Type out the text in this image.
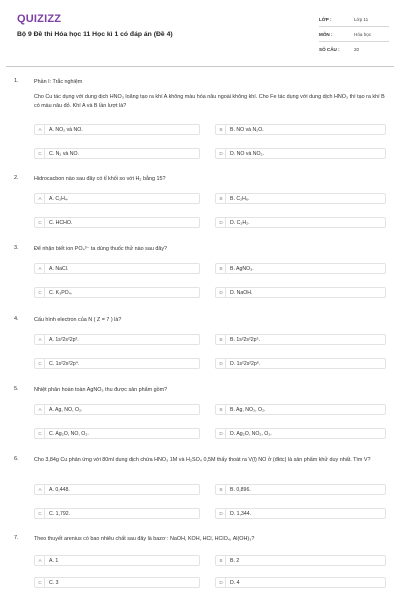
QUIZIZZ
Bộ 9 Đề thi Hóa học 11 Học kì 1 có đáp án (Đề 4)
LỚP :	Lớp 11
MÔN :	Hóa học
SỐ CÂU :	20
1.	Phần I: Trắc nghiệm
Cho Cu tác dụng với dung dịch HNO₃ loãng tạo ra khí A không màu hóa nâu ngoài không khí. Cho Fe tác dụng với dung dịch HNO₃ thì tạo ra khí B có màu nâu đỏ. Khí A và B lần lượt là?
A	A. NO₂ và NO.	B	B. NO và N₂O.
C	C. N₂ và NO.	D	D. NO và NO₂.
2.	Hidrocacbon nào sau đây có tỉ khối so với H₂ bằng 15?
A	A. C₂H₄.	B	B. C₂H₆.
C	C. HCHO.	D	D. C₂H₂.
3.	Để nhận biết ion PO₄³⁻ ta dùng thuốc thử nào sau đây?
A	A. NaCl.	B	B. AgNO₃.
C	C. K₃PO₄.	D	D. NaOH.
4.	Cấu hình electron của N ( Z = 7 ) là?
A	A. 1s²2s²2p³.	B	B. 1s²2s²2p⁵.
C	C. 1s²2s²2p⁴.	D	D. 1s²2s²2p⁶.
5.	Nhiệt phân hoàn toàn AgNO₃ thu được sản phẩm gồm?
A	A. Ag, NO, O₂.	B	B. Ag, NO₂, O₂.
C	C. Ag₂O, NO, O₂.	D	D. Ag₂O, NO₂, O₂.
6.	Cho 3,84g Cu phản ứng với 80ml dung dịch chứa HNO₃ 1M và H₂SO₄ 0,5M thấy thoát ra V(l) NO ở (đktc) là sản phẩm khử duy nhất. Tìm V?
A	A. 0,448.	B	B. 0,896.
C	C. 1,792.	D	D. 1,344.
7.	Theo thuyết arenius có bao nhiêu chất sau đây là bazơ : NaOH, KOH, HCl, HClO₄, Al(OH)₃?
A	A. 1	B	B. 2
C	C. 3	D	D. 4
